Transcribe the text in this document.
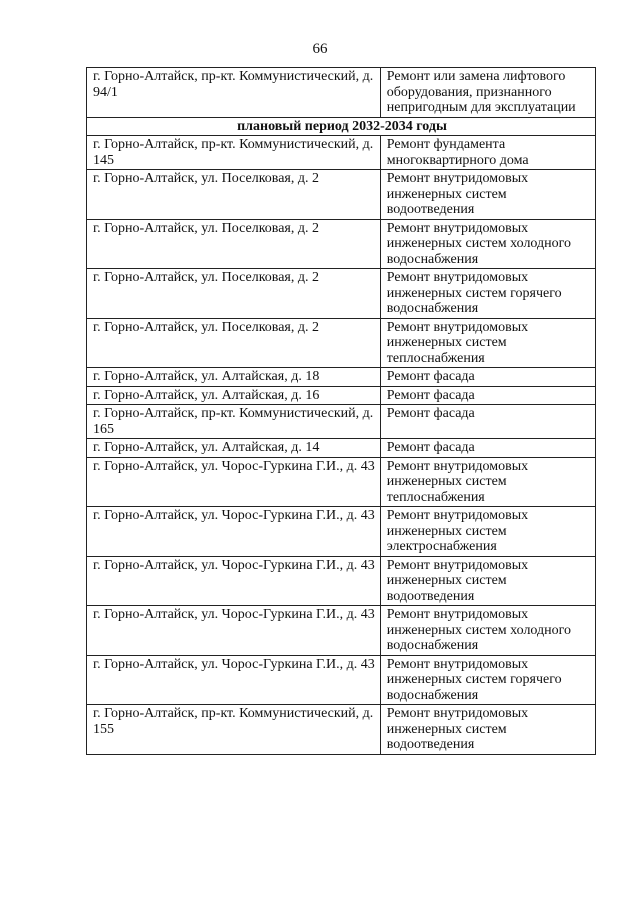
66
г. Горно-Алтайск, пр-кт. Коммунистический, д. 94/1	Ремонт или замена лифтового оборудования, признанного непригодным для эксплуатации
плановый период 2032-2034 годы	
г. Горно-Алтайск, пр-кт. Коммунистический, д. 145	Ремонт фундамента многоквартирного дома
г. Горно-Алтайск, ул. Поселковая, д. 2	Ремонт внутридомовых инженерных систем водоотведения
г. Горно-Алтайск, ул. Поселковая, д. 2	Ремонт внутридомовых инженерных систем холодного водоснабжения
г. Горно-Алтайск, ул. Поселковая, д. 2	Ремонт внутридомовых инженерных систем горячего водоснабжения
г. Горно-Алтайск, ул. Поселковая, д. 2	Ремонт внутридомовых инженерных систем теплоснабжения
г. Горно-Алтайск, ул. Алтайская, д. 18	Ремонт фасада
г. Горно-Алтайск, ул. Алтайская, д. 16	Ремонт фасада
г. Горно-Алтайск, пр-кт. Коммунистический, д. 165	Ремонт фасада
г. Горно-Алтайск, ул. Алтайская, д. 14	Ремонт фасада
г. Горно-Алтайск, ул. Чорос-Гуркина Г.И., д. 43	Ремонт внутридомовых инженерных систем теплоснабжения
г. Горно-Алтайск, ул. Чорос-Гуркина Г.И., д. 43	Ремонт внутридомовых инженерных систем электроснабжения
г. Горно-Алтайск, ул. Чорос-Гуркина Г.И., д. 43	Ремонт внутридомовых инженерных систем водоотведения
г. Горно-Алтайск, ул. Чорос-Гуркина Г.И., д. 43	Ремонт внутридомовых инженерных систем холодного водоснабжения
г. Горно-Алтайск, ул. Чорос-Гуркина Г.И., д. 43	Ремонт внутридомовых инженерных систем горячего водоснабжения
г. Горно-Алтайск, пр-кт. Коммунистический, д. 155	Ремонт внутридомовых инженерных систем водоотведения
